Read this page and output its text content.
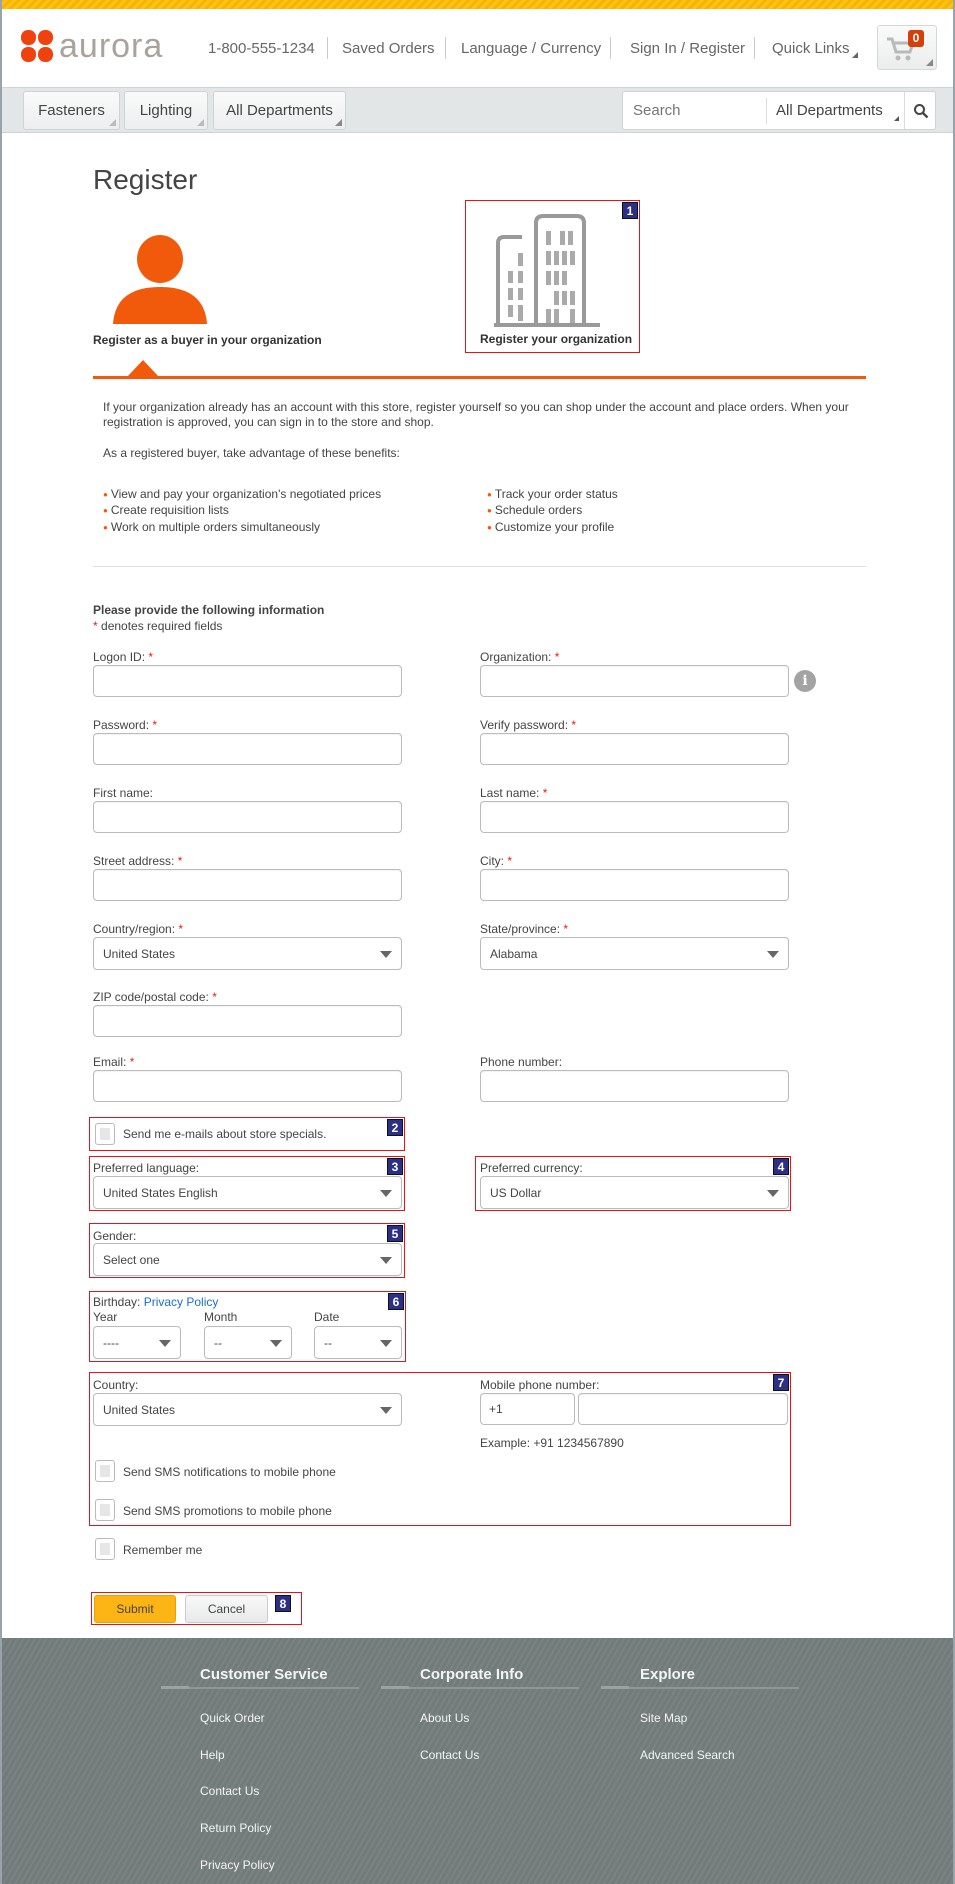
aurora	1-800-555-1234 Saved Orders Language / Currency Sign In / Register Quick Links
0
Fasteners Lighting All Departments
Search	All Departments
Register
Register as a buyer in your organization	Register your organization
1

If your organization already has an account with this store, register yourself so you can shop under the account and place orders. When your registration is approved, you can sign in to the store and shop.

As a registered buyer, take advantage of these benefits:

● View and pay your organization's negotiated prices
● Create requisition lists
● Work on multiple orders simultaneously
● Track your order status
● Schedule orders
● Customize your profile
Please provide the following information
* denotes required fields
Logon ID: *	Organization: *
i
Password: *	Verify password: *
First name:	Last name: *
Street address: *	City: *
Country/region: *
United States
State/province: *
Alabama
ZIP code/postal code: *
Email: *	Phone number:
2
Send me e-mails about store specials.
3
Preferred language:
United States English
4
Preferred currency:
US Dollar
5
Gender:
Select one
6
Birthday: Privacy Policy
Year	Month	Date
----	--	--
7
Country:
United States
Mobile phone number:
+1
Example: +91 1234567890
Send SMS notifications to mobile phone
Send SMS promotions to mobile phone
Remember me
8
Submit	Cancel
Customer Service	Corporate Info	Explore
Quick Order
Help
Contact Us
Return Policy
Privacy Policy
About Us
Contact Us
Site Map
Advanced Search
